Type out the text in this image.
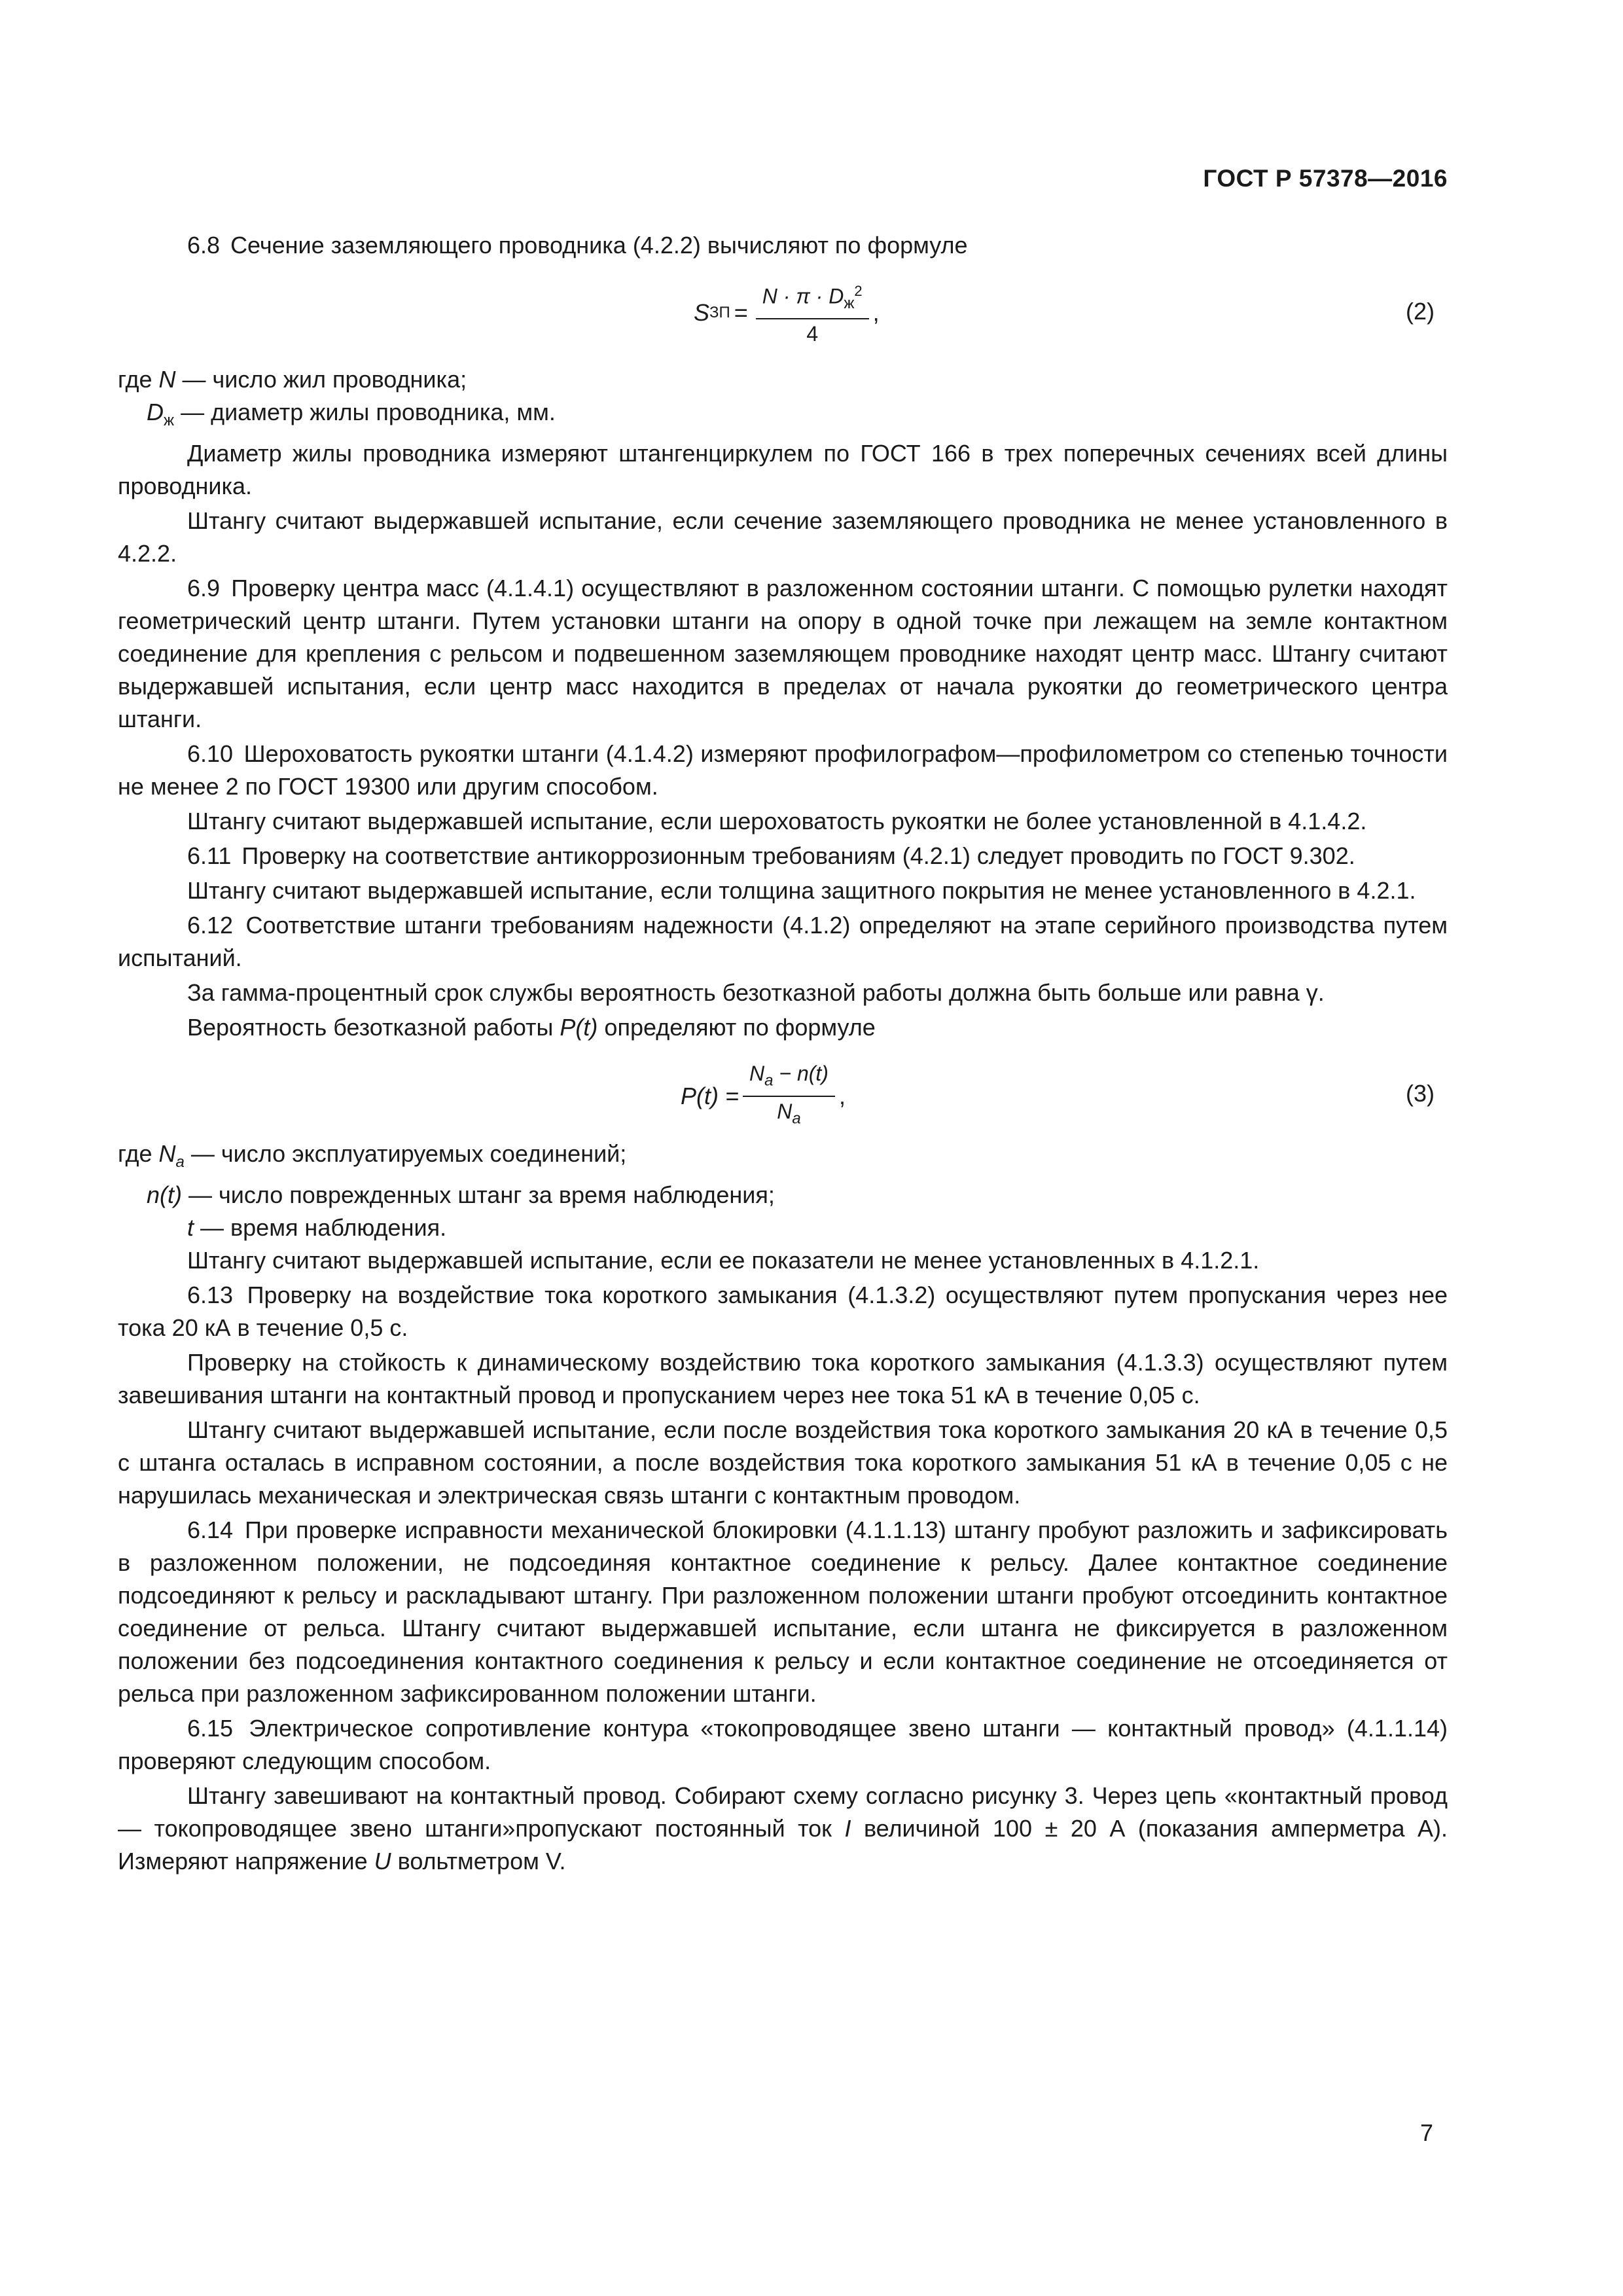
ГОСТ Р 57378—2016

6.8 Сечение заземляющего проводника (4.2.2) вычисляют по формуле

S ЗП = $\frac{N \cdot \pi \cdot D_ж^2}{4}$ ,	(2)

где N — число жил проводника;

$D_ж$ — диаметр жилы проводника, мм.

Диаметр жилы проводника измеряют штангенциркулем по ГОСТ 166 в трех поперечных сечениях всей длины проводника.

Штангу считают выдержавшей испытание, если сечение заземляющего проводника не менее установленного в 4.2.2.

6.9 Проверку центра масс (4.1.4.1) осуществляют в разложенном состоянии штанги. С помощью рулетки находят геометрический центр штанги. Путем установки штанги на опору в одной точке при лежащем на земле контактном соединение для крепления с рельсом и подвешенном заземляющем проводнике находят центр масс. Штангу считают выдержавшей испытания, если центр масс находится в пределах от начала рукоятки до геометрического центра штанги.

6.10 Шероховатость рукоятки штанги (4.1.4.2) измеряют профилографом—профилометром со степенью точности не менее 2 по ГОСТ 19300 или другим способом.

Штангу считают выдержавшей испытание, если шероховатость рукоятки не более установленной в 4.1.4.2.

6.11 Проверку на соответствие антикоррозионным требованиям (4.2.1) следует проводить по ГОСТ 9.302.

Штангу считают выдержавшей испытание, если толщина защитного покрытия не менее установленного в 4.2.1.

6.12 Соответствие штанги требованиям надежности (4.1.2) определяют на этапе серийного производства путем испытаний.

За гамма-процентный срок службы вероятность безотказной работы должна быть больше или равна γ.

Вероятность безотказной работы P(t) определяют по формуле

$P(t) = \frac{N_a - n(t)}{N_a}$ ,	(3)

где $N_a$ — число эксплуатируемых соединений;

n(t) — число поврежденных штанг за время наблюдения;

t — время наблюдения.

Штангу считают выдержавшей испытание, если ее показатели не менее установленных в 4.1.2.1.

6.13 Проверку на воздействие тока короткого замыкания (4.1.3.2) осуществляют путем пропускания через нее тока 20 кА в течение 0,5 с.

Проверку на стойкость к динамическому воздействию тока короткого замыкания (4.1.3.3) осуществляют путем завешивания штанги на контактный провод и пропусканием через нее тока 51 кА в течение 0,05 с.

Штангу считают выдержавшей испытание, если после воздействия тока короткого замыкания 20 кА в течение 0,5 с штанга осталась в исправном состоянии, а после воздействия тока короткого замыкания 51 кА в течение 0,05 с не нарушилась механическая и электрическая связь штанги с контактным проводом.

6.14 При проверке исправности механической блокировки (4.1.1.13) штангу пробуют разложить и зафиксировать в разложенном положении, не подсоединяя контактное соединение к рельсу. Далее контактное соединение подсоединяют к рельсу и раскладывают штангу. При разложенном положении штанги пробуют отсоединить контактное соединение от рельса. Штангу считают выдержавшей испытание, если штанга не фиксируется в разложенном положении без подсоединения контактного соединения к рельсу и если контактное соединение не отсоединяется от рельса при разложенном зафиксированном положении штанги.

6.15 Электрическое сопротивление контура «токопроводящее звено штанги — контактный провод» (4.1.1.14) проверяют следующим способом.

Штангу завешивают на контактный провод. Собирают схему согласно рисунку 3. Через цепь «контактный провод — токопроводящее звено штанги»пропускают постоянный ток I величиной 100 ± 20 А (показания амперметра А). Измеряют напряжение U вольтметром V.

7
